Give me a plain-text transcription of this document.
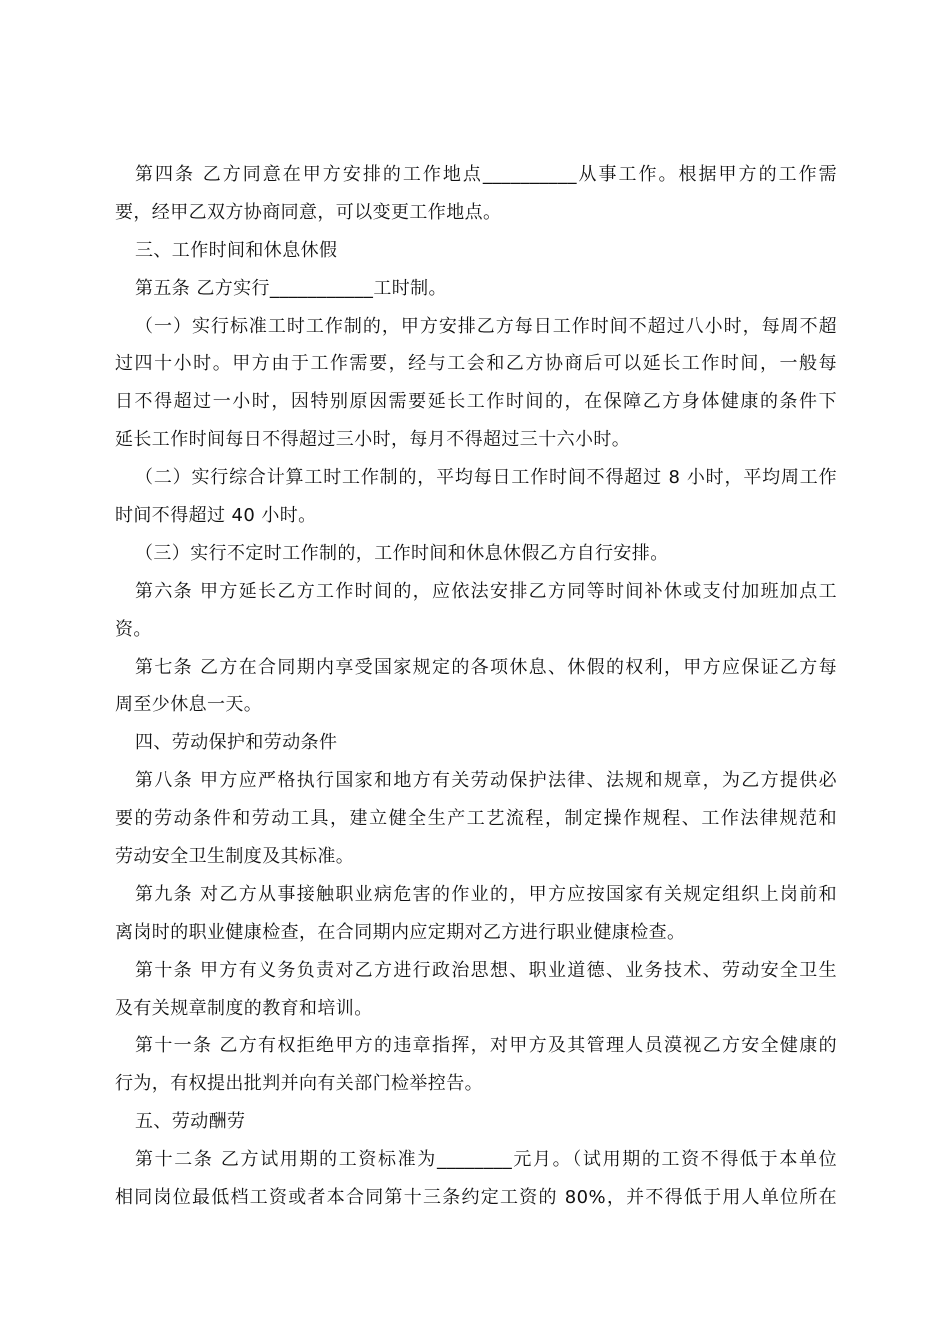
第四条 乙方同意在甲方安排的工作地点__________从事工作。根据甲方的工作需
要，经甲乙双方协商同意，可以变更工作地点。
三、工作时间和休息休假
第五条 乙方实行___________工时制。
（一）实行标准工时工作制的，甲方安排乙方每日工作时间不超过八小时，每周不超
过四十小时。甲方由于工作需要，经与工会和乙方协商后可以延长工作时间，一般每
日不得超过一小时，因特别原因需要延长工作时间的，在保障乙方身体健康的条件下
延长工作时间每日不得超过三小时，每月不得超过三十六小时。
（二）实行综合计算工时工作制的，平均每日工作时间不得超过 8 小时，平均周工作
时间不得超过 40 小时。
（三）实行不定时工作制的，工作时间和休息休假乙方自行安排。
第六条 甲方延长乙方工作时间的，应依法安排乙方同等时间补休或支付加班加点工
资。
第七条 乙方在合同期内享受国家规定的各项休息、休假的权利，甲方应保证乙方每
周至少休息一天。
四、劳动保护和劳动条件
第八条 甲方应严格执行国家和地方有关劳动保护法律、法规和规章，为乙方提供必
要的劳动条件和劳动工具，建立健全生产工艺流程，制定操作规程、工作法律规范和
劳动安全卫生制度及其标准。
第九条 对乙方从事接触职业病危害的作业的，甲方应按国家有关规定组织上岗前和
离岗时的职业健康检查，在合同期内应定期对乙方进行职业健康检查。
第十条 甲方有义务负责对乙方进行政治思想、职业道德、业务技术、劳动安全卫生
及有关规章制度的教育和培训。
第十一条 乙方有权拒绝甲方的违章指挥，对甲方及其管理人员漠视乙方安全健康的
行为，有权提出批判并向有关部门检举控告。
五、劳动酬劳
第十二条 乙方试用期的工资标准为________元月。（试用期的工资不得低于本单位
相同岗位最低档工资或者本合同第十三条约定工资的 80%，并不得低于用人单位所在
